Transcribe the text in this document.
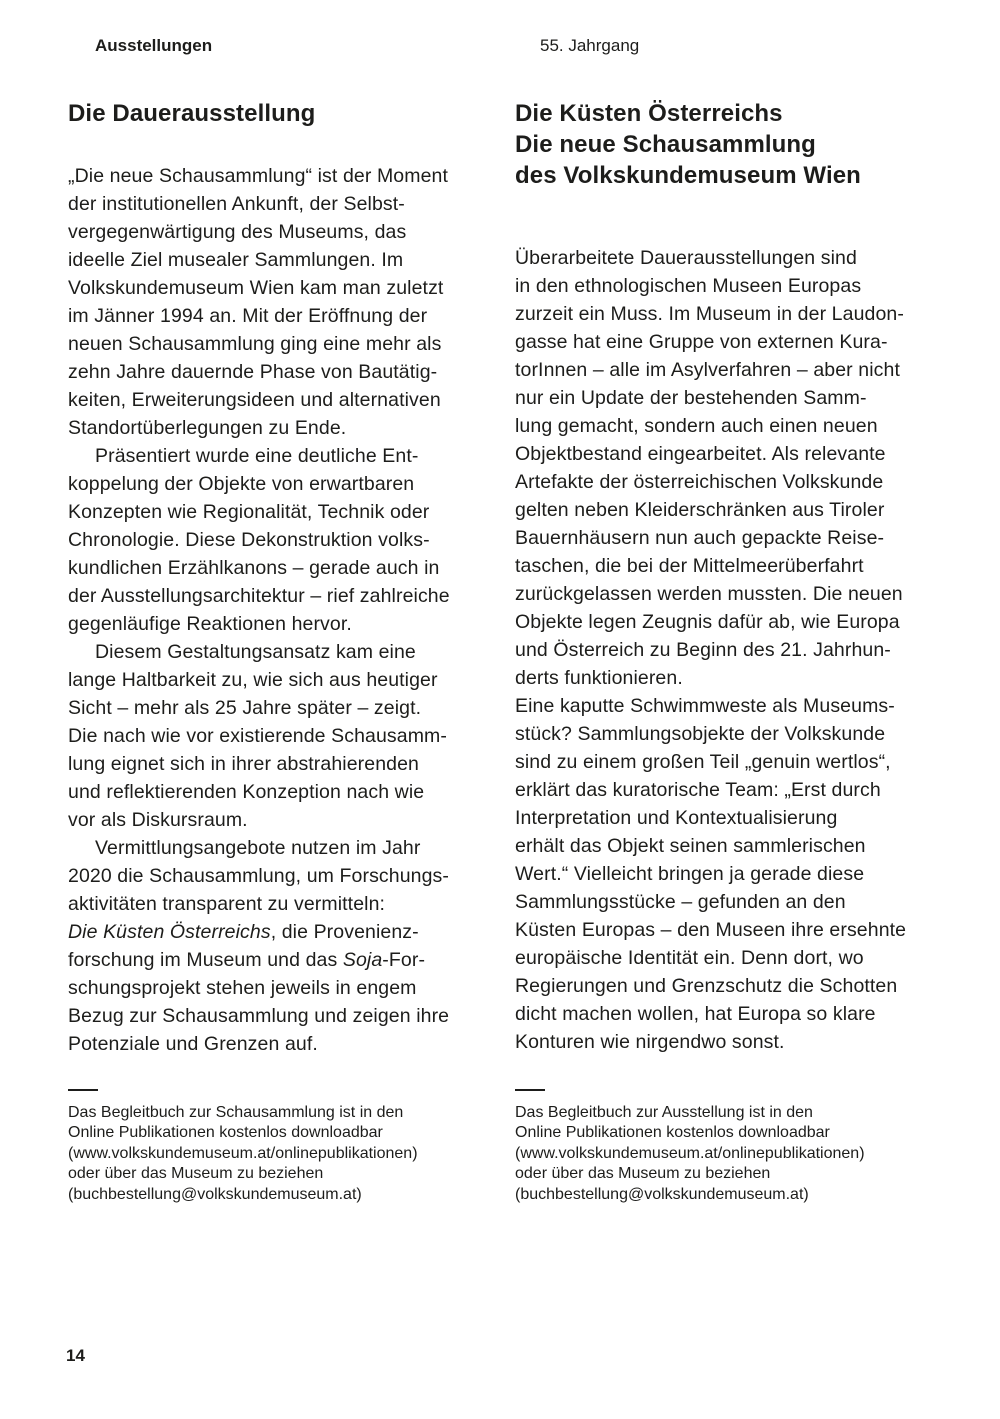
Ausstellungen	55. Jahrgang
Die Dauerausstellung
„Die neue Schausammlung“ ist der Moment
der institutionellen Ankunft, der Selbst-
vergegenwärtigung des Museums, das
ideelle Ziel musealer Sammlungen. Im
Volkskundemuseum Wien kam man zuletzt
im Jänner 1994 an. Mit der Eröffnung der
neuen Schausammlung ging eine mehr als
zehn Jahre dauernde Phase von Bautätig-
keiten, Erweiterungsideen und alternativen
Standortüberlegungen zu Ende.
Präsentiert wurde eine deutliche Ent-
koppelung der Objekte von erwartbaren
Konzepten wie Regionalität, Technik oder
Chronologie. Diese Dekonstruktion volks-
kundlichen Erzählkanons – gerade auch in
der Ausstellungsarchitektur – rief zahlreiche
gegenläufige Reaktionen hervor.
Diesem Gestaltungsansatz kam eine
lange Haltbarkeit zu, wie sich aus heutiger
Sicht – mehr als 25 Jahre später – zeigt.
Die nach wie vor existierende Schausamm-
lung eignet sich in ihrer abstrahierenden
und reflektierenden Konzeption nach wie
vor als Diskursraum.
Vermittlungsangebote nutzen im Jahr
2020 die Schausammlung, um Forschungs-
aktivitäten transparent zu vermitteln:
Die Küsten Österreichs, die Provenienz-
forschung im Museum und das Soja-For-
schungsprojekt stehen jeweils in engem
Bezug zur Schausammlung und zeigen ihre
Potenziale und Grenzen auf.
Das Begleitbuch zur Schausammlung ist in den
Online Publikationen kostenlos downloadbar
(www.volkskundemuseum.at/onlinepublikationen)
oder über das Museum zu beziehen
(buchbestellung@volkskundemuseum.at)
Die Küsten Österreichs
Die neue Schausammlung
des Volkskundemuseum Wien
Überarbeitete Dauerausstellungen sind
in den ethnologischen Museen Europas
zurzeit ein Muss. Im Museum in der Laudon-
gasse hat eine Gruppe von externen Kura-
torInnen – alle im Asylverfahren – aber nicht
nur ein Update der bestehenden Samm-
lung gemacht, sondern auch einen neuen
Objektbestand eingearbeitet. Als relevante
Artefakte der österreichischen Volkskunde
gelten neben Kleiderschränken aus Tiroler
Bauernhäusern nun auch gepackte Reise-
taschen, die bei der Mittelmeerüberfahrt
zurückgelassen werden mussten. Die neuen
Objekte legen Zeugnis dafür ab, wie Europa
und Österreich zu Beginn des 21. Jahrhun-
derts funktionieren.
Eine kaputte Schwimmweste als Museums-
stück? Sammlungsobjekte der Volkskunde
sind zu einem großen Teil „genuin wertlos“,
erklärt das kuratorische Team: „Erst durch
Interpretation und Kontextualisierung
erhält das Objekt seinen sammlerischen
Wert.“ Vielleicht bringen ja gerade diese
Sammlungsstücke – gefunden an den
Küsten Europas – den Museen ihre ersehnte
europäische Identität ein. Denn dort, wo
Regierungen und Grenzschutz die Schotten
dicht machen wollen, hat Europa so klare
Konturen wie nirgendwo sonst.
Das Begleitbuch zur Ausstellung ist in den
Online Publikationen kostenlos downloadbar
(www.volkskundemuseum.at/onlinepublikationen)
oder über das Museum zu beziehen
(buchbestellung@volkskundemuseum.at)
14
